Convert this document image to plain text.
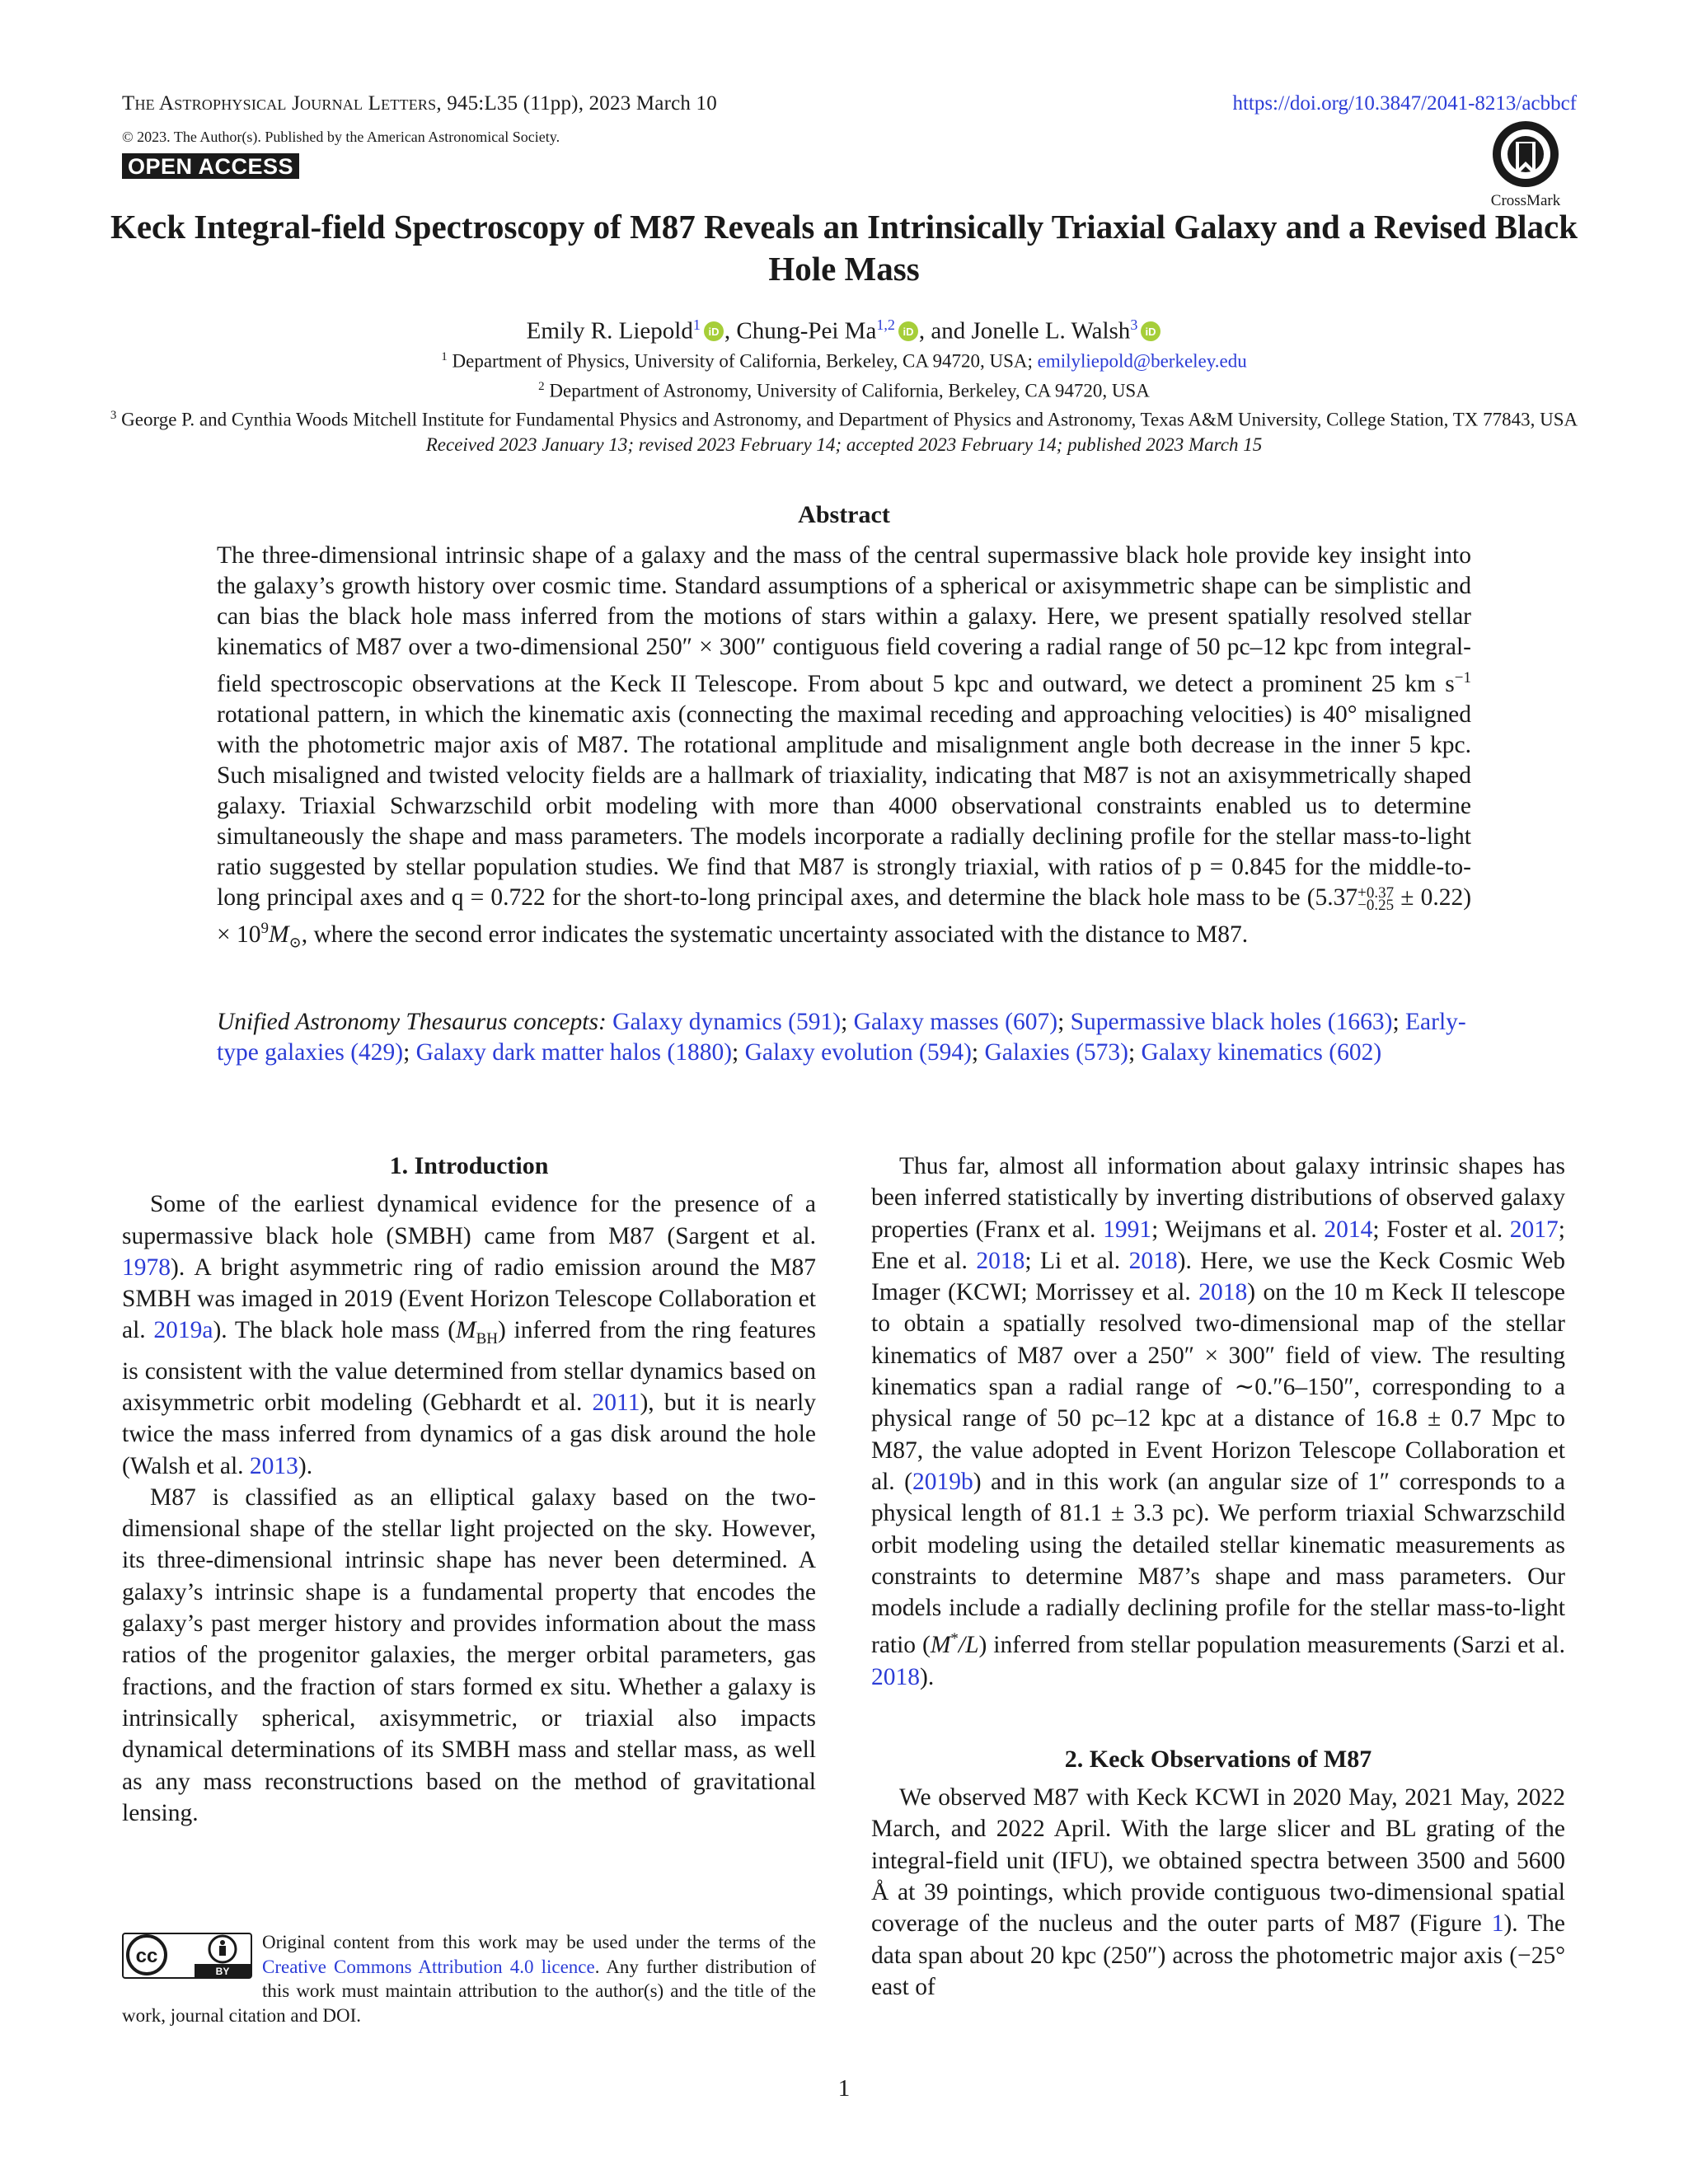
The Astrophysical Journal Letters, 945:L35 (11pp), 2023 March 10	https://doi.org/10.3847/2041-8213/acbbcf
© 2023. The Author(s). Published by the American Astronomical Society.
OPEN ACCESS
CrossMark
Keck Integral-field Spectroscopy of M87 Reveals an Intrinsically Triaxial Galaxy and a Revised Black Hole Mass
Emily R. Liepold$^1$ iD , Chung-Pei Ma$^{1,2}$ iD , and Jonelle L. Walsh$^3$ iD
$^1$ Department of Physics, University of California, Berkeley, CA 94720, USA; emilyliepold@berkeley.edu
$^2$ Department of Astronomy, University of California, Berkeley, CA 94720, USA
$^3$ George P. and Cynthia Woods Mitchell Institute for Fundamental Physics and Astronomy, and Department of Physics and Astronomy, Texas A&M University, College Station, TX 77843, USA
Received 2023 January 13; revised 2023 February 14; accepted 2023 February 14; published 2023 March 15
Abstract
The three-dimensional intrinsic shape of a galaxy and the mass of the central supermassive black hole provide key insight into the galaxy’s growth history over cosmic time. Standard assumptions of a spherical or axisymmetric shape can be simplistic and can bias the black hole mass inferred from the motions of stars within a galaxy. Here, we present spatially resolved stellar kinematics of M87 over a two-dimensional 250″ × 300″ contiguous field covering a radial range of 50 pc–12 kpc from integral-field spectroscopic observations at the Keck II Telescope. From about 5 kpc and outward, we detect a prominent 25 km $s^{-1}$ rotational pattern, in which the kinematic axis (connecting the maximal receding and approaching velocities) is 40° misaligned with the photometric major axis of M87. The rotational amplitude and misalignment angle both decrease in the inner 5 kpc. Such misaligned and twisted velocity fields are a hallmark of triaxiality, indicating that M87 is not an axisymmetrically shaped galaxy. Triaxial Schwarzschild orbit modeling with more than 4000 observational constraints enabled us to determine simultaneously the shape and mass parameters. The models incorporate a radially declining profile for the stellar mass-to-light ratio suggested by stellar population studies. We find that M87 is strongly triaxial, with ratios of p = 0.845 for the middle-to-long principal axes and q = 0.722 for the short-to-long principal axes, and determine the black hole mass to be (5.37 +0.37
$-0.25 \pm 0.22) \times 10^9M_⊙$, where the second error indicates the systematic uncertainty associated with the distance to M87.
Unified Astronomy Thesaurus concepts: Galaxy dynamics (591); Galaxy masses (607); Supermassive black holes (1663); Early-type galaxies (429); Galaxy dark matter halos (1880); Galaxy evolution (594); Galaxies (573); Galaxy kinematics (602)

1. Introduction

Some of the earliest dynamical evidence for the presence of a supermassive black hole (SMBH) came from M87 (Sargent et al. 1978). A bright asymmetric ring of radio emission around the M87 SMBH was imaged in 2019 (Event Horizon Telescope Collaboration et al. 2019a). The black hole mass $(M_{BH})$ inferred from the ring features is consistent with the value determined from stellar dynamics based on axisymmetric orbit modeling (Gebhardt et al. 2011), but it is nearly twice the mass inferred from dynamics of a gas disk around the hole (Walsh et al. 2013).

M87 is classified as an elliptical galaxy based on the two-dimensional shape of the stellar light projected on the sky. However, its three-dimensional intrinsic shape has never been determined. A galaxy’s intrinsic shape is a fundamental property that encodes the galaxy’s past merger history and provides information about the mass ratios of the progenitor galaxies, the merger orbital parameters, gas fractions, and the fraction of stars formed ex situ. Whether a galaxy is intrinsically spherical, axisymmetric, or triaxial also impacts dynamical determinations of its SMBH mass and stellar mass, as well as any mass reconstructions based on the method of gravitational lensing.

cc
BY
Original content from this work may be used under the terms of the Creative Commons Attribution 4.0 licence. Any further distribution of this work must maintain attribution to the author(s) and the title of the work, journal citation and DOI.

Thus far, almost all information about galaxy intrinsic shapes has been inferred statistically by inverting distributions of observed galaxy properties (Franx et al. 1991; Weijmans et al. 2014; Foster et al. 2017; Ene et al. 2018; Li et al. 2018). Here, we use the Keck Cosmic Web Imager (KCWI; Morrissey et al. 2018) on the 10 m Keck II telescope to obtain a spatially resolved two-dimensional map of the stellar kinematics of M87 over a 250″ × 300″ field of view. The resulting kinematics span a radial range of ∼0.″6–150″, corresponding to a physical range of 50 pc–12 kpc at a distance of 16.8 ± 0.7 Mpc to M87, the value adopted in Event Horizon Telescope Collaboration et al. (2019b) and in this work (an angular size of 1″ corresponds to a physical length of 81.1 ± 3.3 pc). We perform triaxial Schwarzschild orbit modeling using the detailed stellar kinematic measurements as constraints to determine M87’s shape and mass parameters. Our models include a radially declining profile for the stellar mass-to-light ratio (M*/L) inferred from stellar population measurements (Sarzi et al. 2018).

2. Keck Observations of M87

We observed M87 with Keck KCWI in 2020 May, 2021 May, 2022 March, and 2022 April. With the large slicer and BL grating of the integral-field unit (IFU), we obtained spectra between 3500 and 5600 Å at 39 pointings, which provide contiguous two-dimensional spatial coverage of the nucleus and the outer parts of M87 (Figure 1). The data span about 20 kpc (250″) across the photometric major axis (−25° east of

1
